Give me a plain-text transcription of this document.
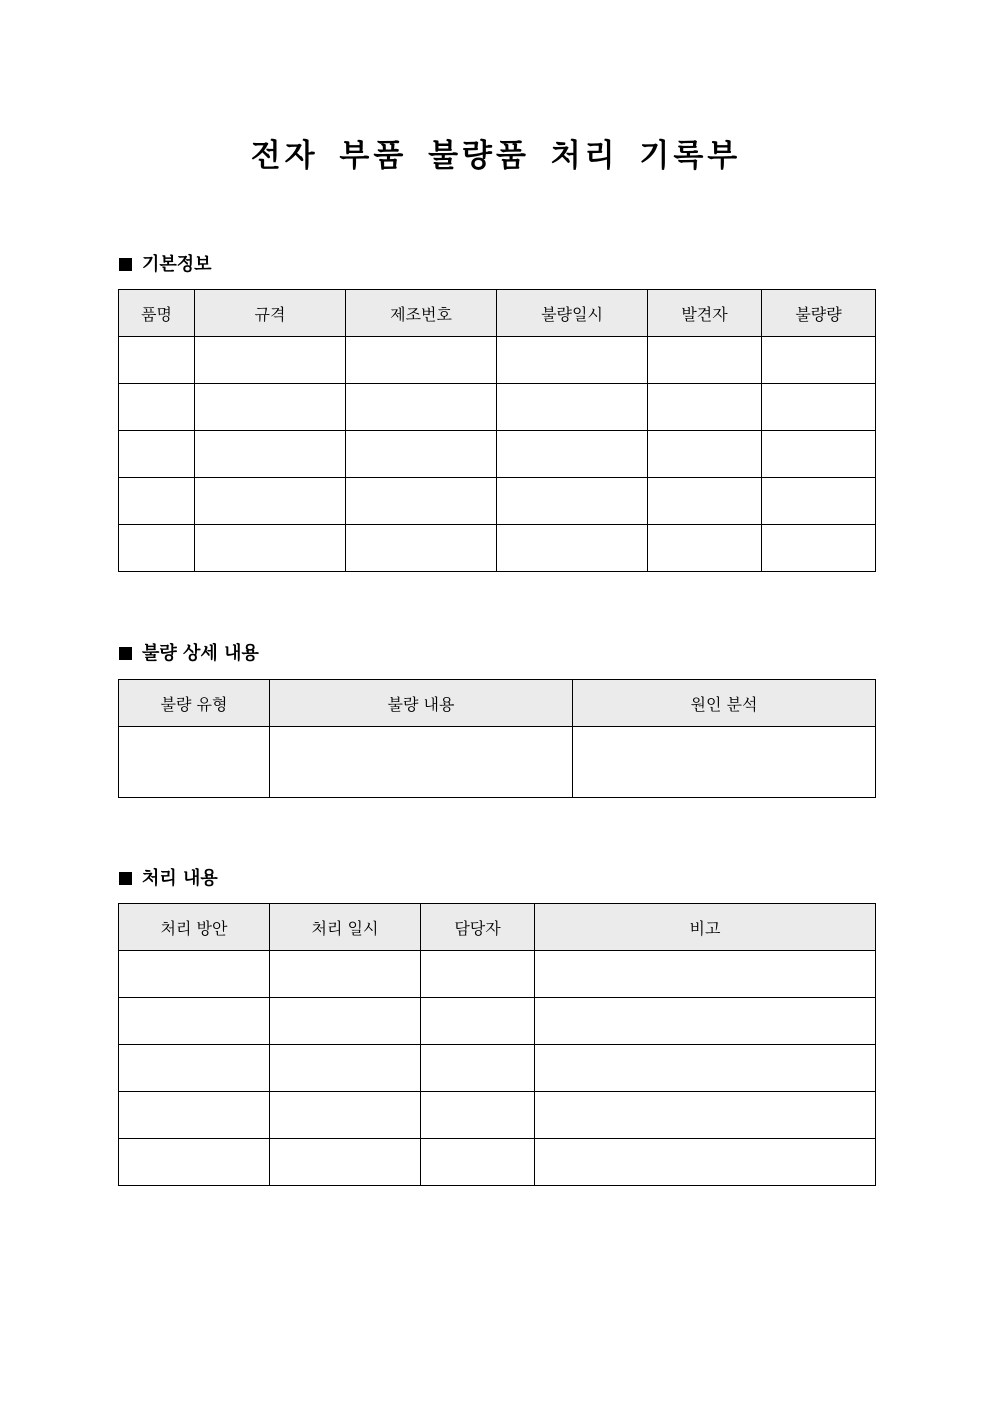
전자 부품 불량품 처리 기록부
기본정보
품명	규격	제조번호	불량일시	발견자	불량량

불량 상세 내용
불량 유형	불량 내용	원인 분석

처리 내용
처리 방안	처리 일시	담당자	비고
